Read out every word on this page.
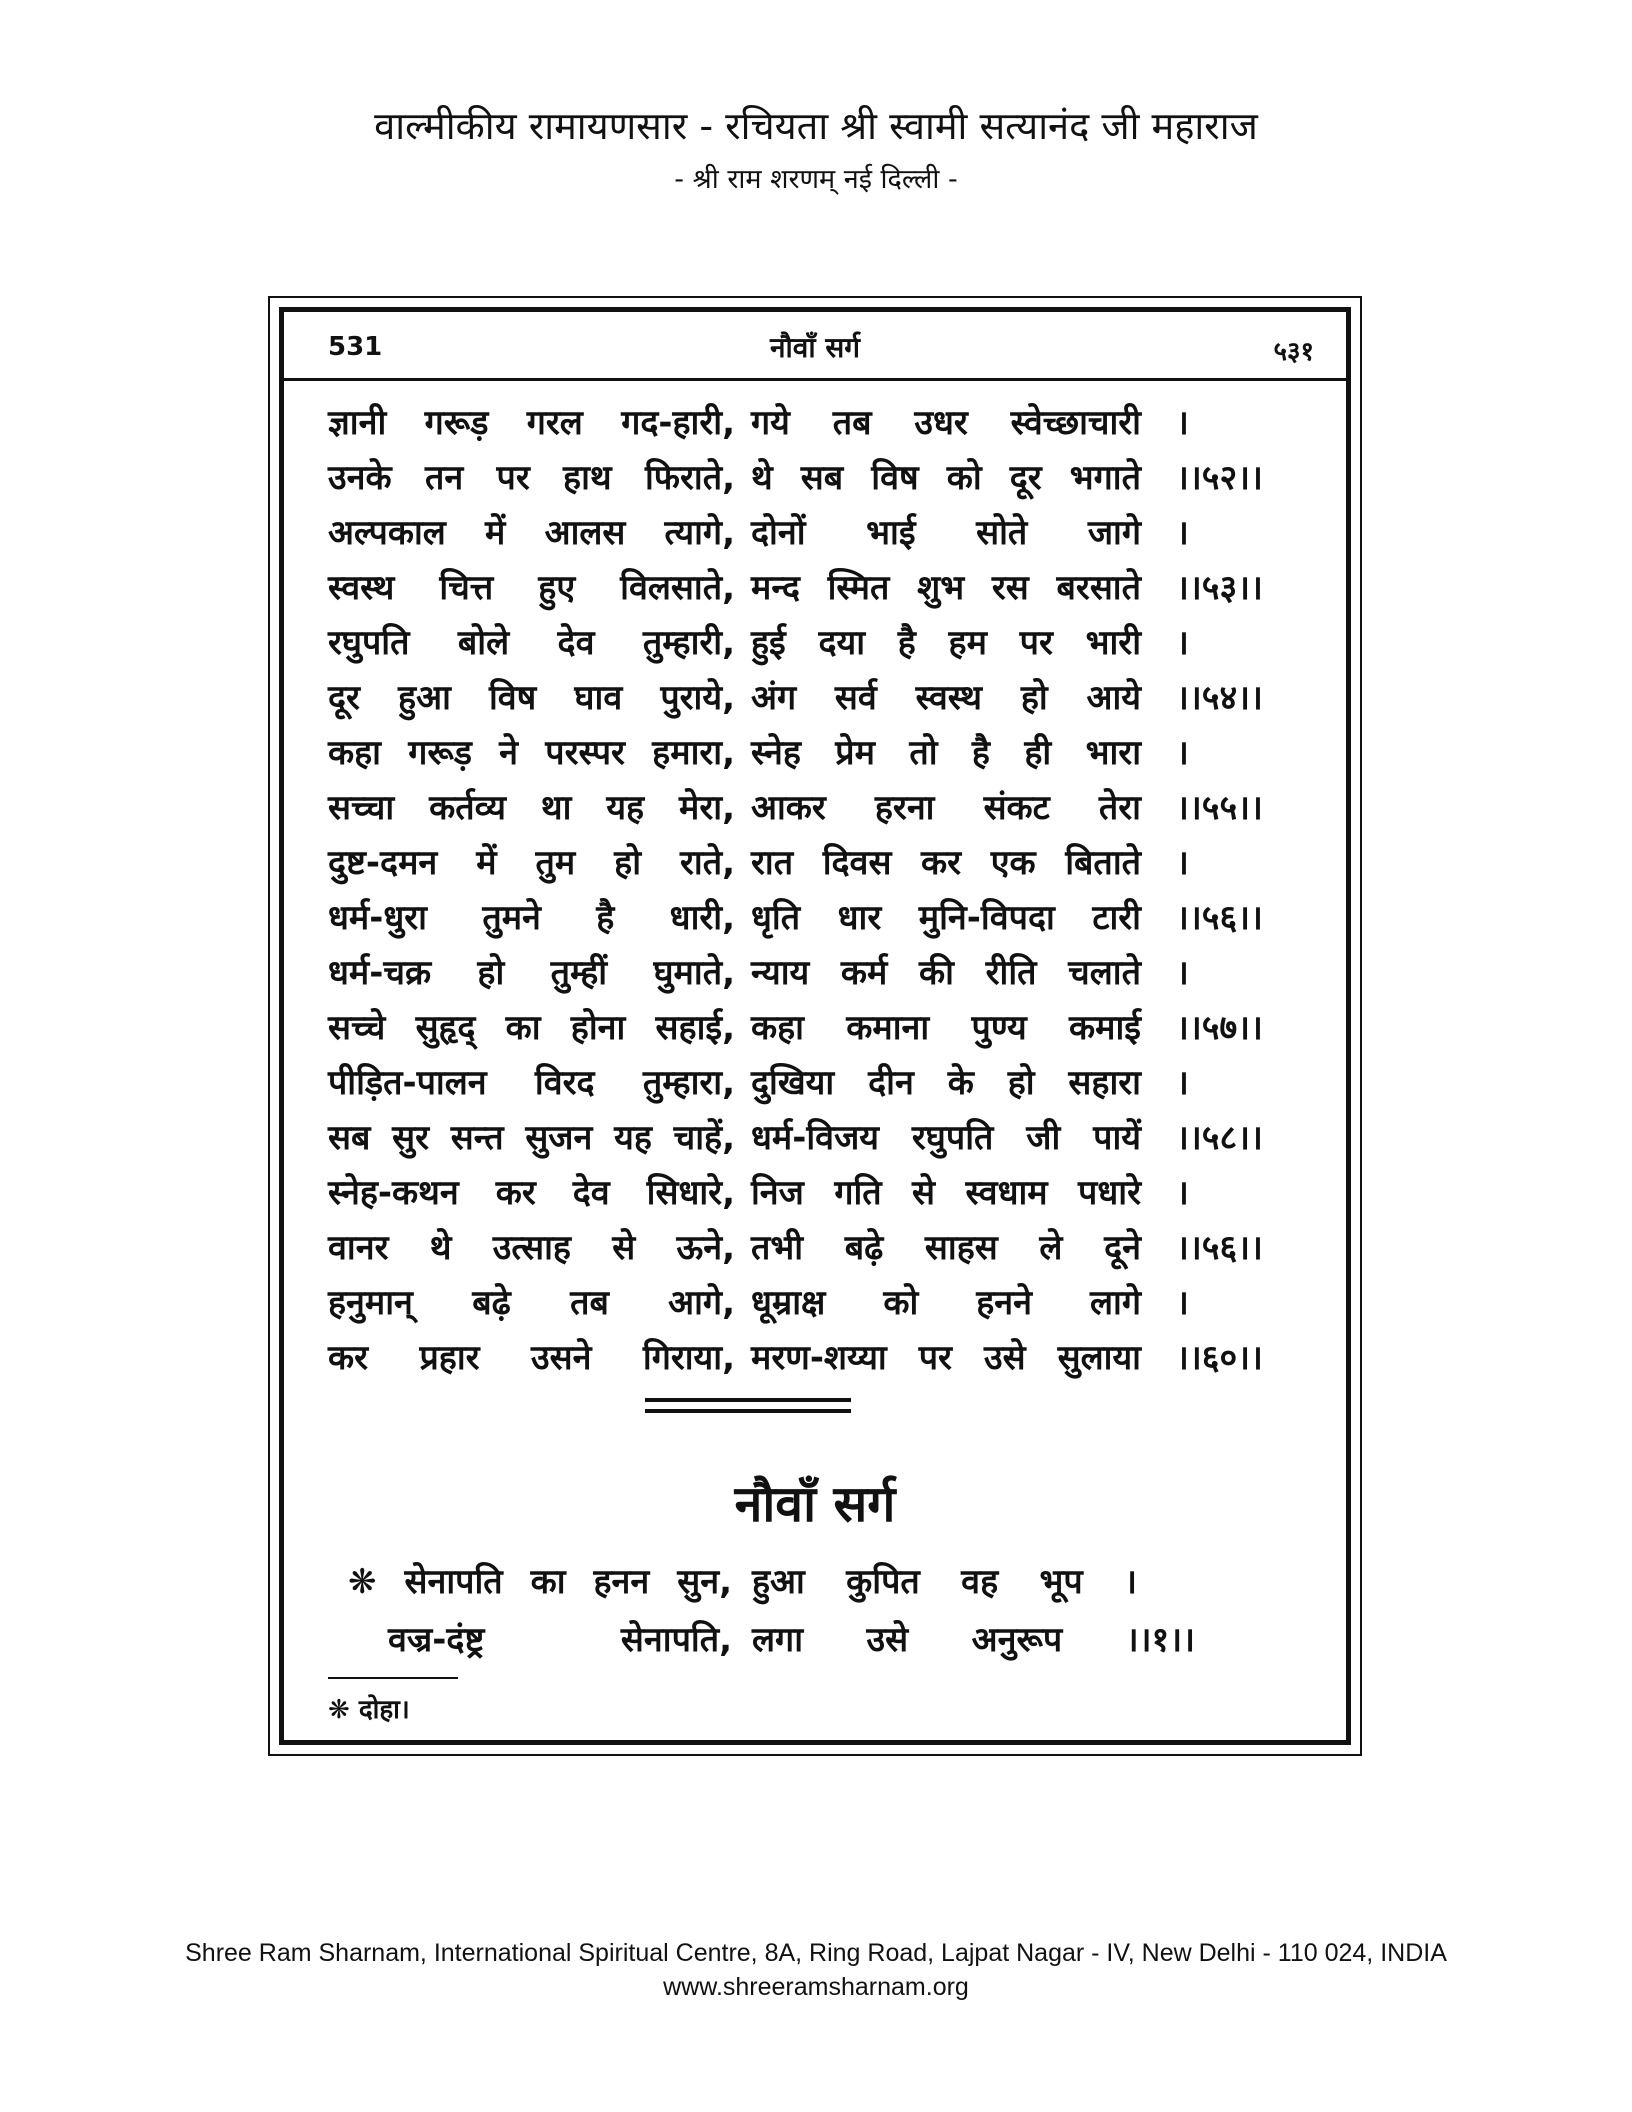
वाल्मीकीय रामायणसार - रचियता श्री स्वामी सत्यानंद जी महाराज
- श्री राम शरणम् नई दिल्ली -
531	नौवाँ सर्ग	५३१
ज्ञानी गरूड़ गरल गद-हारी, गये तब उधर स्वेच्छाचारी ।
उनके तन पर हाथ फिराते, थे सब विष को दूर भगाते ।।५२।।
अल्पकाल में आलस त्यागे, दोनों भाई सोते जागे ।
स्वस्थ चित्त हुए विलसाते, मन्द स्मित शुभ रस बरसाते ।।५३।।
रघुपति बोले देव तुम्हारी, हुई दया है हम पर भारी ।
दूर हुआ विष घाव पुराये, अंग सर्व स्वस्थ हो आये ।।५४।।
कहा गरूड़ ने परस्पर हमारा, स्नेह प्रेम तो है ही भारा ।
सच्चा कर्तव्य था यह मेरा, आकर हरना संकट तेरा ।।५५।।
दुष्ट-दमन में तुम हो राते, रात दिवस कर एक बिताते ।
धर्म-धुरा तुमने है धारी, धृति धार मुनि-विपदा टारी ।।५६।।
धर्म-चक्र हो तुम्हीं घुमाते, न्याय कर्म की रीति चलाते ।
सच्चे सुहृद् का होना सहाई, कहा कमाना पुण्य कमाई ।।५७।।
पीड़ित-पालन विरद तुम्हारा, दुखिया दीन के हो सहारा ।
सब सुर सन्त सुजन यह चाहें, धर्म-विजय रघुपति जी पायें ।।५८।।
स्नेह-कथन कर देव सिधारे, निज गति से स्वधाम पधारे ।
वानर थे उत्साह से ऊने, तभी बढ़े साहस ले दूने ।।५६।।
हनुमान् बढ़े तब आगे, धूम्राक्ष को हनने लागे ।
कर प्रहार उसने गिराया, मरण-शय्या पर उसे सुलाया ।।६०।।
नौवाँ सर्ग
❋ सेनापति का हनन सुन, हुआ कुपित वह भूप ।
वज्र-दंष्ट्र सेनापति, लगा उसे अनुरूप ।।१।।
❋ दोहा।
Shree Ram Sharnam, International Spiritual Centre, 8A, Ring Road, Lajpat Nagar - IV, New Delhi - 110 024, INDIA
www.shreeramsharnam.org
